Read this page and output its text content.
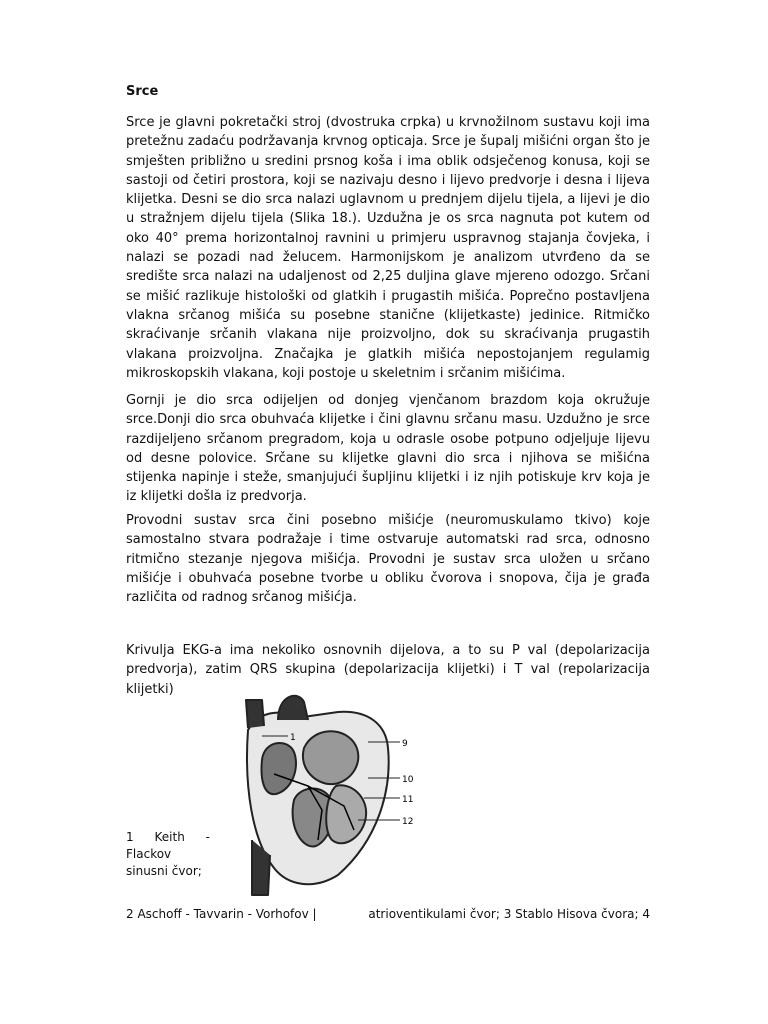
Srce

Srce je glavni pokretački stroj (dvostruka crpka) u krvnožilnom sustavu koji ima pretežnu zadaću podržavanja krvnog opticaja. Srce je šupalj mišićni organ što je smješten približno u sredini prsnog koša i ima oblik odsječenog konusa, koji se sastoji od četiri prostora, koji se nazivaju desno i lijevo predvorje i desna i lijeva klijetka. Desni se dio srca nalazi uglavnom u prednjem dijelu tijela, a lijevi je dio u stražnjem dijelu tijela (Slika 18.). Uzdužna je os srca nagnuta pot kutem od oko 40° prema horizontalnoj ravnini u primjeru uspravnog stajanja čovjeka, i nalazi se pozadi nad želucem. Harmonijskom je analizom utvrđeno da se središte srca nalazi na udaljenost od 2,25 duljina glave mjereno odozgo. Srčani se mišić razlikuje histološki od glatkih i prugastih mišića. Poprečno postavljena vlakna srčanog mišića su posebne stanične (klijetkaste) jedinice. Ritmičko skraćivanje srčanih vlakana nije proizvoljno, dok su skraćivanja prugastih vlakana proizvoljna. Značajka je glatkih mišića nepostojanjem regulamig mikroskopskih vlakana, koji postoje u skeletnim i srčanim mišićima.

Gornji je dio srca odijeljen od donjeg vjenčanom brazdom koja okružuje srce.Donji dio srca obuhvaća klijetke i čini glavnu srčanu masu. Uzdužno je srce razdijeljeno srčanom pregradom, koja u odrasle osobe potpuno odjeljuje lijevu od desne polovice. Srčane su klijetke glavni dio srca i njihova se mišićna stijenka napinje i steže, smanjujući šupljinu klijetki i iz njih potiskuje krv koja je iz klijetki došla iz predvorja.

Provodni sustav srca čini posebno mišićje (neuromuskulamo tkivo) koje samostalno stvara podražaje i time ostvaruje automatski rad srca, odnosno ritmično stezanje njegova mišićja. Provodni je sustav srca uložen u srčano mišićje i obuhvaća posebne tvorbe u obliku čvorova i snopova, čija je građa različita od radnog srčanog mišićja.

Krivulja EKG-a ima nekoliko osnovnih dijelova, a to su P val (depolarizacija predvorja), zatim QRS skupina (depolarizacija klijetki) i T val (repolarizacija klijetki)

1
9
10
11
12

1 Keith - Flackov sinusni čvor;

2 Aschoff - Tavvarin - Vorhofov |	atrioventikulami čvor; 3 Stablo Hisova čvora; 4
